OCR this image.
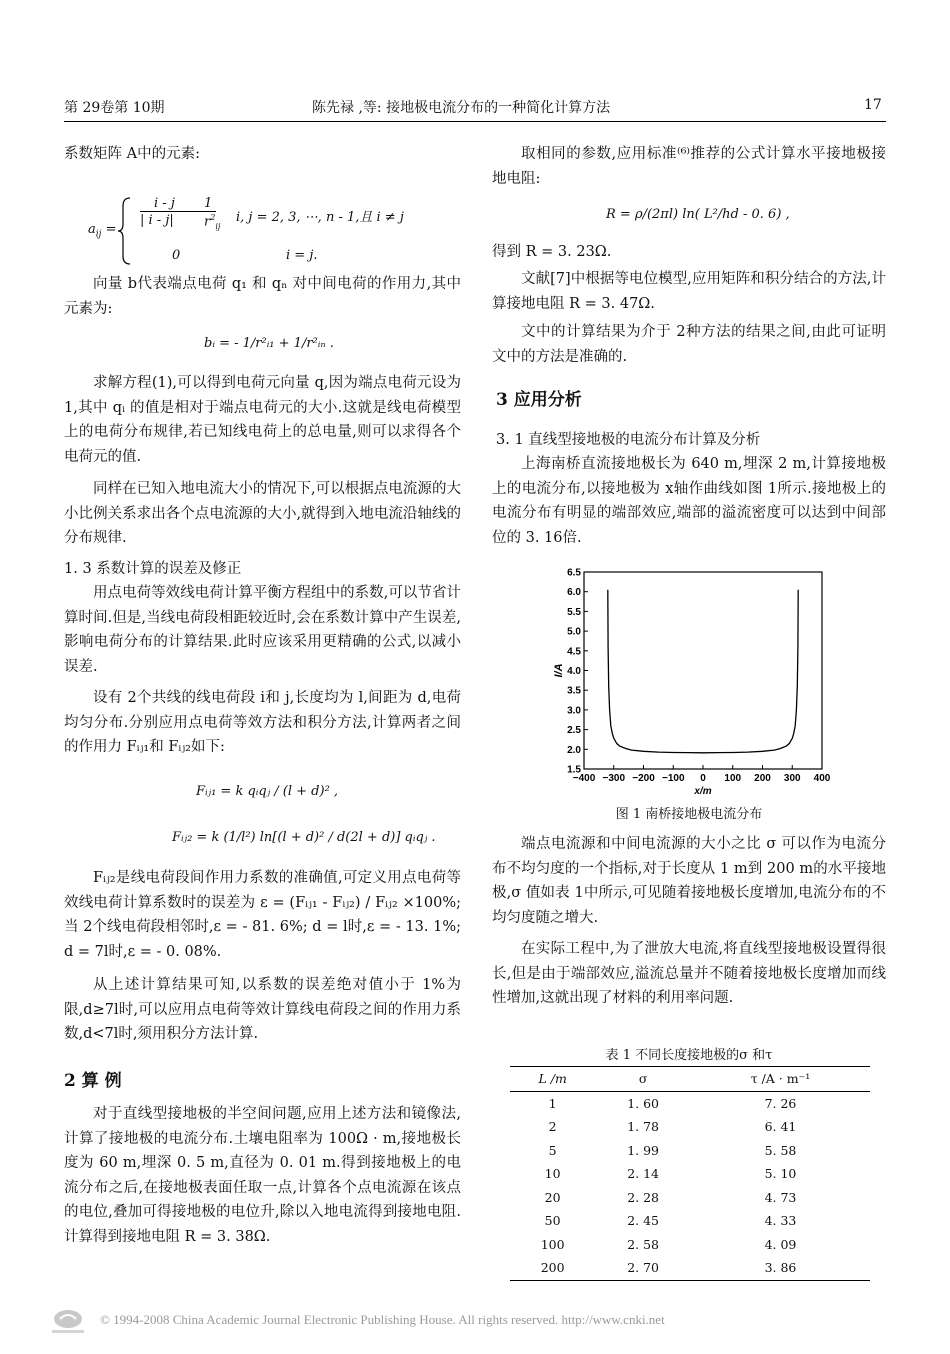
第 29卷第 10期	陈先禄 ,等: 接地极电流分布的一种简化计算方法	17
系数矩阵 A中的元素:
$a_{ij}$ =
i - j
| i - j|
1
$r^2_{ij}$
i, j = 2, 3, ⋯, n - 1,且 i ≠ j
0	i = j.
向量 b代表端点电荷 q₁ 和 qₙ 对中间电荷的作用力,其中元素为:
bᵢ = - 1/r²ᵢ₁ + 1/r²ᵢₙ .
求解方程(1),可以得到电荷元向量 q,因为端点电荷元设为 1,其中 qᵢ 的值是相对于端点电荷元的大小.这就是线电荷模型上的电荷分布规律,若已知线电荷上的总电量,则可以求得各个电荷元的值.
同样在已知入地电流大小的情况下,可以根据点电流源的大小比例关系求出各个点电流源的大小,就得到入地电流沿轴线的分布规律.
1. 3 系数计算的误差及修正
用点电荷等效线电荷计算平衡方程组中的系数,可以节省计算时间.但是,当线电荷段相距较近时,会在系数计算中产生误差,影响电荷分布的计算结果.此时应该采用更精确的公式,以减小误差.
设有 2个共线的线电荷段 i和 j,长度均为 l,间距为 d,电荷均匀分布.分别应用点电荷等效方法和积分方法,计算两者之间的作用力 Fᵢⱼ₁和 Fᵢⱼ₂如下:
Fᵢⱼ₁ = k qᵢqⱼ / (l + d)² ,
Fᵢⱼ₂ = k (1/l²) ln[(l + d)² / d(2l + d)] qᵢqⱼ .
Fᵢⱼ₂是线电荷段间作用力系数的准确值,可定义用点电荷等效线电荷计算系数时的误差为 ε = (Fᵢⱼ₁ - Fᵢⱼ₂) / Fᵢⱼ₂ ×100%;当 2个线电荷段相邻时,ε = - 81. 6%; d = l时,ε = - 13. 1%; d = 7l时,ε = - 0. 08%.
从上述计算结果可知,以系数的误差绝对值小于 1%为限,d≥7l时,可以应用点电荷等效计算线电荷段之间的作用力系数,d<7l时,须用积分方法计算.
2 算 例
对于直线型接地极的半空间问题,应用上述方法和镜像法,计算了接地极的电流分布.土壤电阻率为 100Ω · m,接地极长度为 60 m,埋深 0. 5 m,直径为 0. 01 m.得到接地极上的电流分布之后,在接地极表面任取一点,计算各个点电流源在该点的电位,叠加可得接地极的电位升,除以入地电流得到接地电阻.计算得到接地电阻 R = 3. 38Ω.
取相同的参数,应用标准⁽⁶⁾推荐的公式计算水平接地极接地电阻:
R = ρ/(2πl) ln( L²/hd - 0. 6) ,
得到 R = 3. 23Ω.
文献[7]中根据等电位模型,应用矩阵和积分结合的方法,计算接地电阻 R = 3. 47Ω.
文中的计算结果为介于 2种方法的结果之间,由此可证明文中的方法是准确的.
3 应用分析
3. 1 直线型接地极的电流分布计算及分析
上海南桥直流接地极长为 640 m,埋深 2 m,计算接地极上的电流分布,以接地极为 x轴作曲线如图 1所示.接地极上的电流分布有明显的端部效应,端部的溢流密度可以达到中间部位的 3. 16倍.
−400 −300 −200 −100 0 100 200 300 400
1.5
2.0
2.5
3.0
3.5
4.0
4.5
5.0
5.5
6.0
6.5
x/m
I/A
图 1 南桥接地极电流分布
端点电流源和中间电流源的大小之比 σ 可以作为电流分布不均匀度的一个指标,对于长度从 1 m到 200 m的水平接地极,σ 值如表 1中所示,可见随着接地极长度增加,电流分布的不均匀度随之增大.
在实际工程中,为了泄放大电流,将直线型接地极设置得很长,但是由于端部效应,溢流总量并不随着接地极长度增加而线性增加,这就出现了材料的利用率问题.
表 1 不同长度接地极的σ 和τ
L /m	σ	τ /A · m⁻¹
1	1. 60	7. 26
2	1. 78	6. 41
5	1. 99	5. 58
10	2. 14	5. 10
20	2. 28	4. 73
50	2. 45	4. 33
100	2. 58	4. 09
200	2. 70	3. 86
© 1994-2008 China Academic Journal Electronic Publishing House. All rights reserved. http://www.cnki.net
